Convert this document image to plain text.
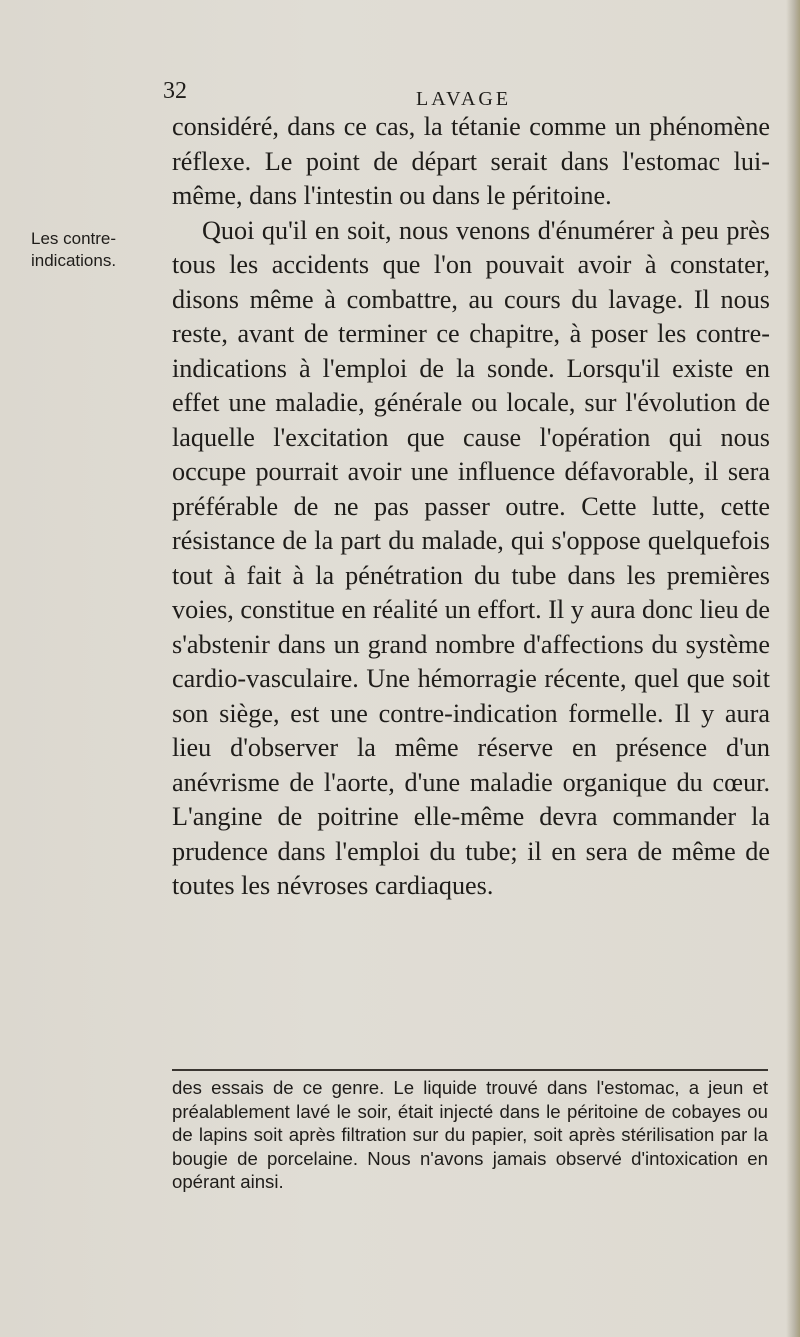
32	LAVAGE
Les contre-indications.

considéré, dans ce cas, la tétanie comme un phénomène réflexe. Le point de départ serait dans l'estomac lui-même, dans l'intestin ou dans le péritoine.

Quoi qu'il en soit, nous venons d'énumérer à peu près tous les accidents que l'on pouvait avoir à constater, disons même à combattre, au cours du lavage. Il nous reste, avant de terminer ce chapitre, à poser les contre-indications à l'emploi de la sonde. Lorsqu'il existe en effet une maladie, générale ou locale, sur l'évolution de laquelle l'excitation que cause l'opération qui nous occupe pourrait avoir une influence défavorable, il sera préférable de ne pas passer outre. Cette lutte, cette résistance de la part du malade, qui s'oppose quelquefois tout à fait à la pénétration du tube dans les premières voies, constitue en réalité un effort. Il y aura donc lieu de s'abstenir dans un grand nombre d'affections du système cardio-vasculaire. Une hémorragie récente, quel que soit son siège, est une contre-indication formelle. Il y aura lieu d'observer la même réserve en présence d'un anévrisme de l'aorte, d'une maladie organique du cœur. L'angine de poitrine elle-même devra commander la prudence dans l'emploi du tube; il en sera de même de toutes les névroses cardiaques.

des essais de ce genre. Le liquide trouvé dans l'estomac, a jeun et préalablement lavé le soir, était injecté dans le péritoine de cobayes ou de lapins soit après filtration sur du papier, soit après stérilisation par la bougie de porcelaine. Nous n'avons jamais observé d'intoxication en opérant ainsi.
